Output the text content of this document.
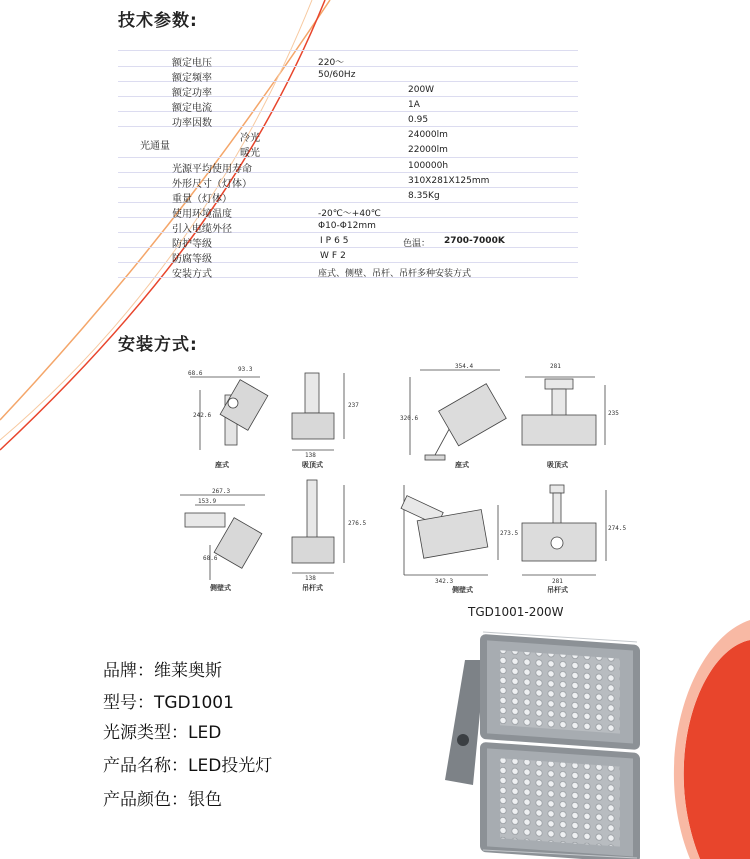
技术参数:
安装方式:
额定电压	220～
额定频率	50/60Hz
额定功率	200W
额定电流	1A
功率因数	0.95
光通量
冷光	24000lm
暖光	22000lm
光源平均使用寿命	100000h
外形尺寸（灯体）	310X281X125mm
重量（灯体）	8.35Kg
使用环境温度	-20℃～+40℃
引入电缆外径	Φ10-Φ12mm
防护等级	IP65	色温： 2700-7000K
防腐等级	WF2
安装方式	座式、侧壁、吊杆、吊杆多种安装方式
68.6
93.3
242.6
237
138
座式	吸顶式
267.3
153.9
68.6
276.5
138
侧壁式	吊杆式
354.4	281
320.6
235
座式	吸顶式
273.5
274.5
342.3	281
侧壁式	吊杆式
TGD1001-200W
品牌：维莱奥斯
型号：TGD1001
光源类型：LED
产品名称：LED投光灯
产品颜色：银色
